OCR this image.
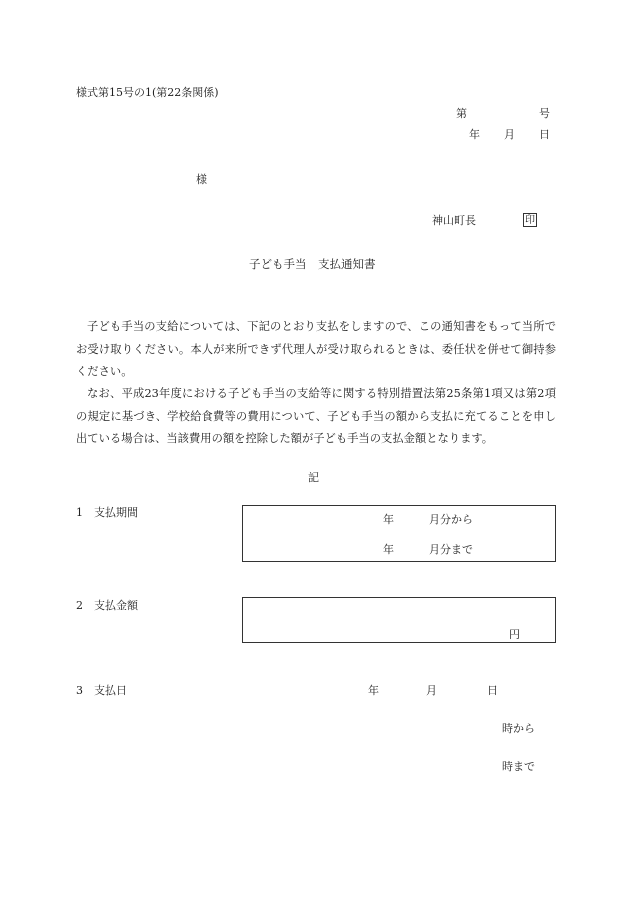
様式第15号の1(第22条関係)
第	号
年 月 日
様
神山町長	印
子ども手当　支払通知書
子ども手当の支給については、下記のとおり支払をしますので、この通知書をもって当所でお受け取りください。本人が来所できず代理人が受け取られるときは、委任状を併せて御持参ください。
なお、平成23年度における子ども手当の支給等に関する特別措置法第25条第1項又は第2項の規定に基づき、学校給食費等の費用について、子ども手当の額から支払に充てることを申し出ている場合は、当該費用の額を控除した額が子ども手当の支払金額となります。
記
1　支払期間
年	月分から
年	月分まで
2　支払金額
円
3　支払日	年	月	日
時から
時まで
